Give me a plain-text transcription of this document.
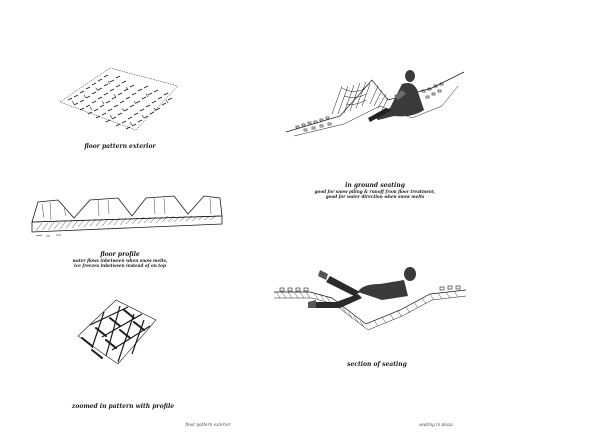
floor pattern exterior
in ground seating
good for snow piling & runoff from floor treatment,
good for water direction when snow melts
floor profile
water flows inbetween when snow melts,
ice freezes inbetween instead of on top
section of seating
zoomed in pattern with profile
floor pattern exterior	seating in plaza
